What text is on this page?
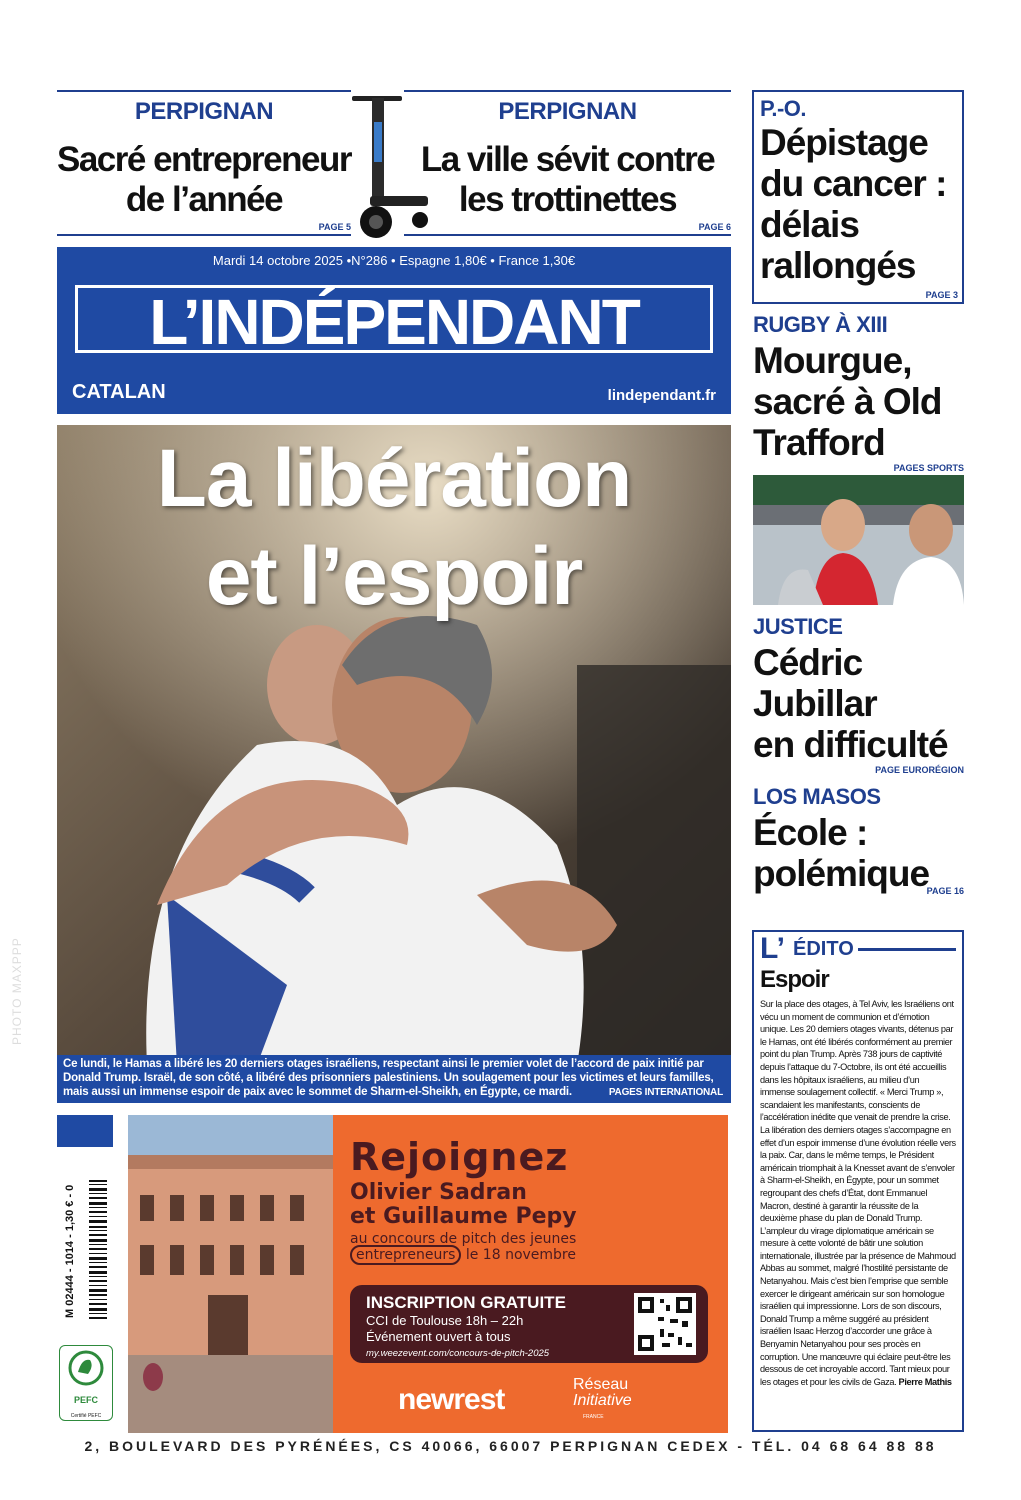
PERPIGNAN
Sacré entrepreneur
de l’année
PAGE 5
PERPIGNAN
La ville sévit contre
les trottinettes
PAGE 6
Mardi 14 octobre 2025 •N°286 • Espagne 1,80€ • France 1,30€
L’INDÉPENDANT
CATALAN	lindependant.fr
La libération
et l’espoir
PHOTO MAXPPP
Ce lundi, le Hamas a libéré les 20 derniers otages israéliens, respectant ainsi le premier volet de l’accord de paix initié par Donald Trump. Israël, de son côté, a libéré des prisonniers palestiniens. Un soulagement pour les victimes et leurs familles, mais aussi un immense espoir de paix avec le sommet de Sharm-el-Sheikh, en Égypte, ce mardi.	PAGES INTERNATIONAL
P.-O.
Dépistage
du cancer :
délais
rallongés
PAGE 3
RUGBY À XIII
Mourgue,
sacré à Old
Trafford
PAGES SPORTS
JUSTICE
Cédric
Jubillar
en difficulté
PAGE EURORÉGION
LOS MASOS
École :
polémique
PAGE 16
L’ ÉDITO
Espoir
Sur la place des otages, à Tel Aviv, les Israéliens ont vécu un moment de communion et d’émotion unique. Les 20 derniers otages vivants, détenus par le Hamas, ont été libérés conformément au premier point du plan Trump. Après 738 jours de captivité depuis l’attaque du 7-Octobre, ils ont été accueillis dans les hôpitaux israéliens, au milieu d’un immense soulagement collectif. « Merci Trump », scandaient les manifestants, conscients de l’accélération inédite que venait de prendre la crise. La libération des derniers otages s’accompagne en effet d’un espoir immense d’une évolution réelle vers la paix. Car, dans le même temps, le Président américain triomphait à la Knesset avant de s’envoler à Sharm-el-Sheikh, en Égypte, pour un sommet regroupant des chefs d’État, dont Emmanuel Macron, destiné à garantir la réussite de la deuxième phase du plan de Donald Trump. L’ampleur du virage diplomatique américain se mesure à cette volonté de bâtir une solution internationale, illustrée par la présence de Mahmoud Abbas au sommet, malgré l’hostilité persistante de Netanyahou. Mais c’est bien l’emprise que semble exercer le dirigeant américain sur son homologue israélien qui impressionne. Lors de son discours, Donald Trump a même suggéré au président israélien Isaac Herzog d’accorder une grâce à Benyamin Netanyahou pour ses procès en corruption. Une manœuvre qui éclaire peut-être les dessous de cet incroyable accord. Tant mieux pour les otages et pour les civils de Gaza. Pierre Mathis
M 02444 - 1014 - 1,30 € - 0
PEFC
Certifié PEFC
Rejoignez
Olivier Sadran
et Guillaume Pepy
au concours de pitch des jeunes
entrepreneurs le 18 novembre
INSCRIPTION GRATUITE
CCI de Toulouse 18h – 22h
Événement ouvert à tous
my.weezevent.com/concours-de-pitch-2025
newrest	Réseau
Initiative
FRANCE
2, BOULEVARD DES PYRÉNÉES, CS 40066, 66007 PERPIGNAN CEDEX - TÉL. 04 68 64 88 88
